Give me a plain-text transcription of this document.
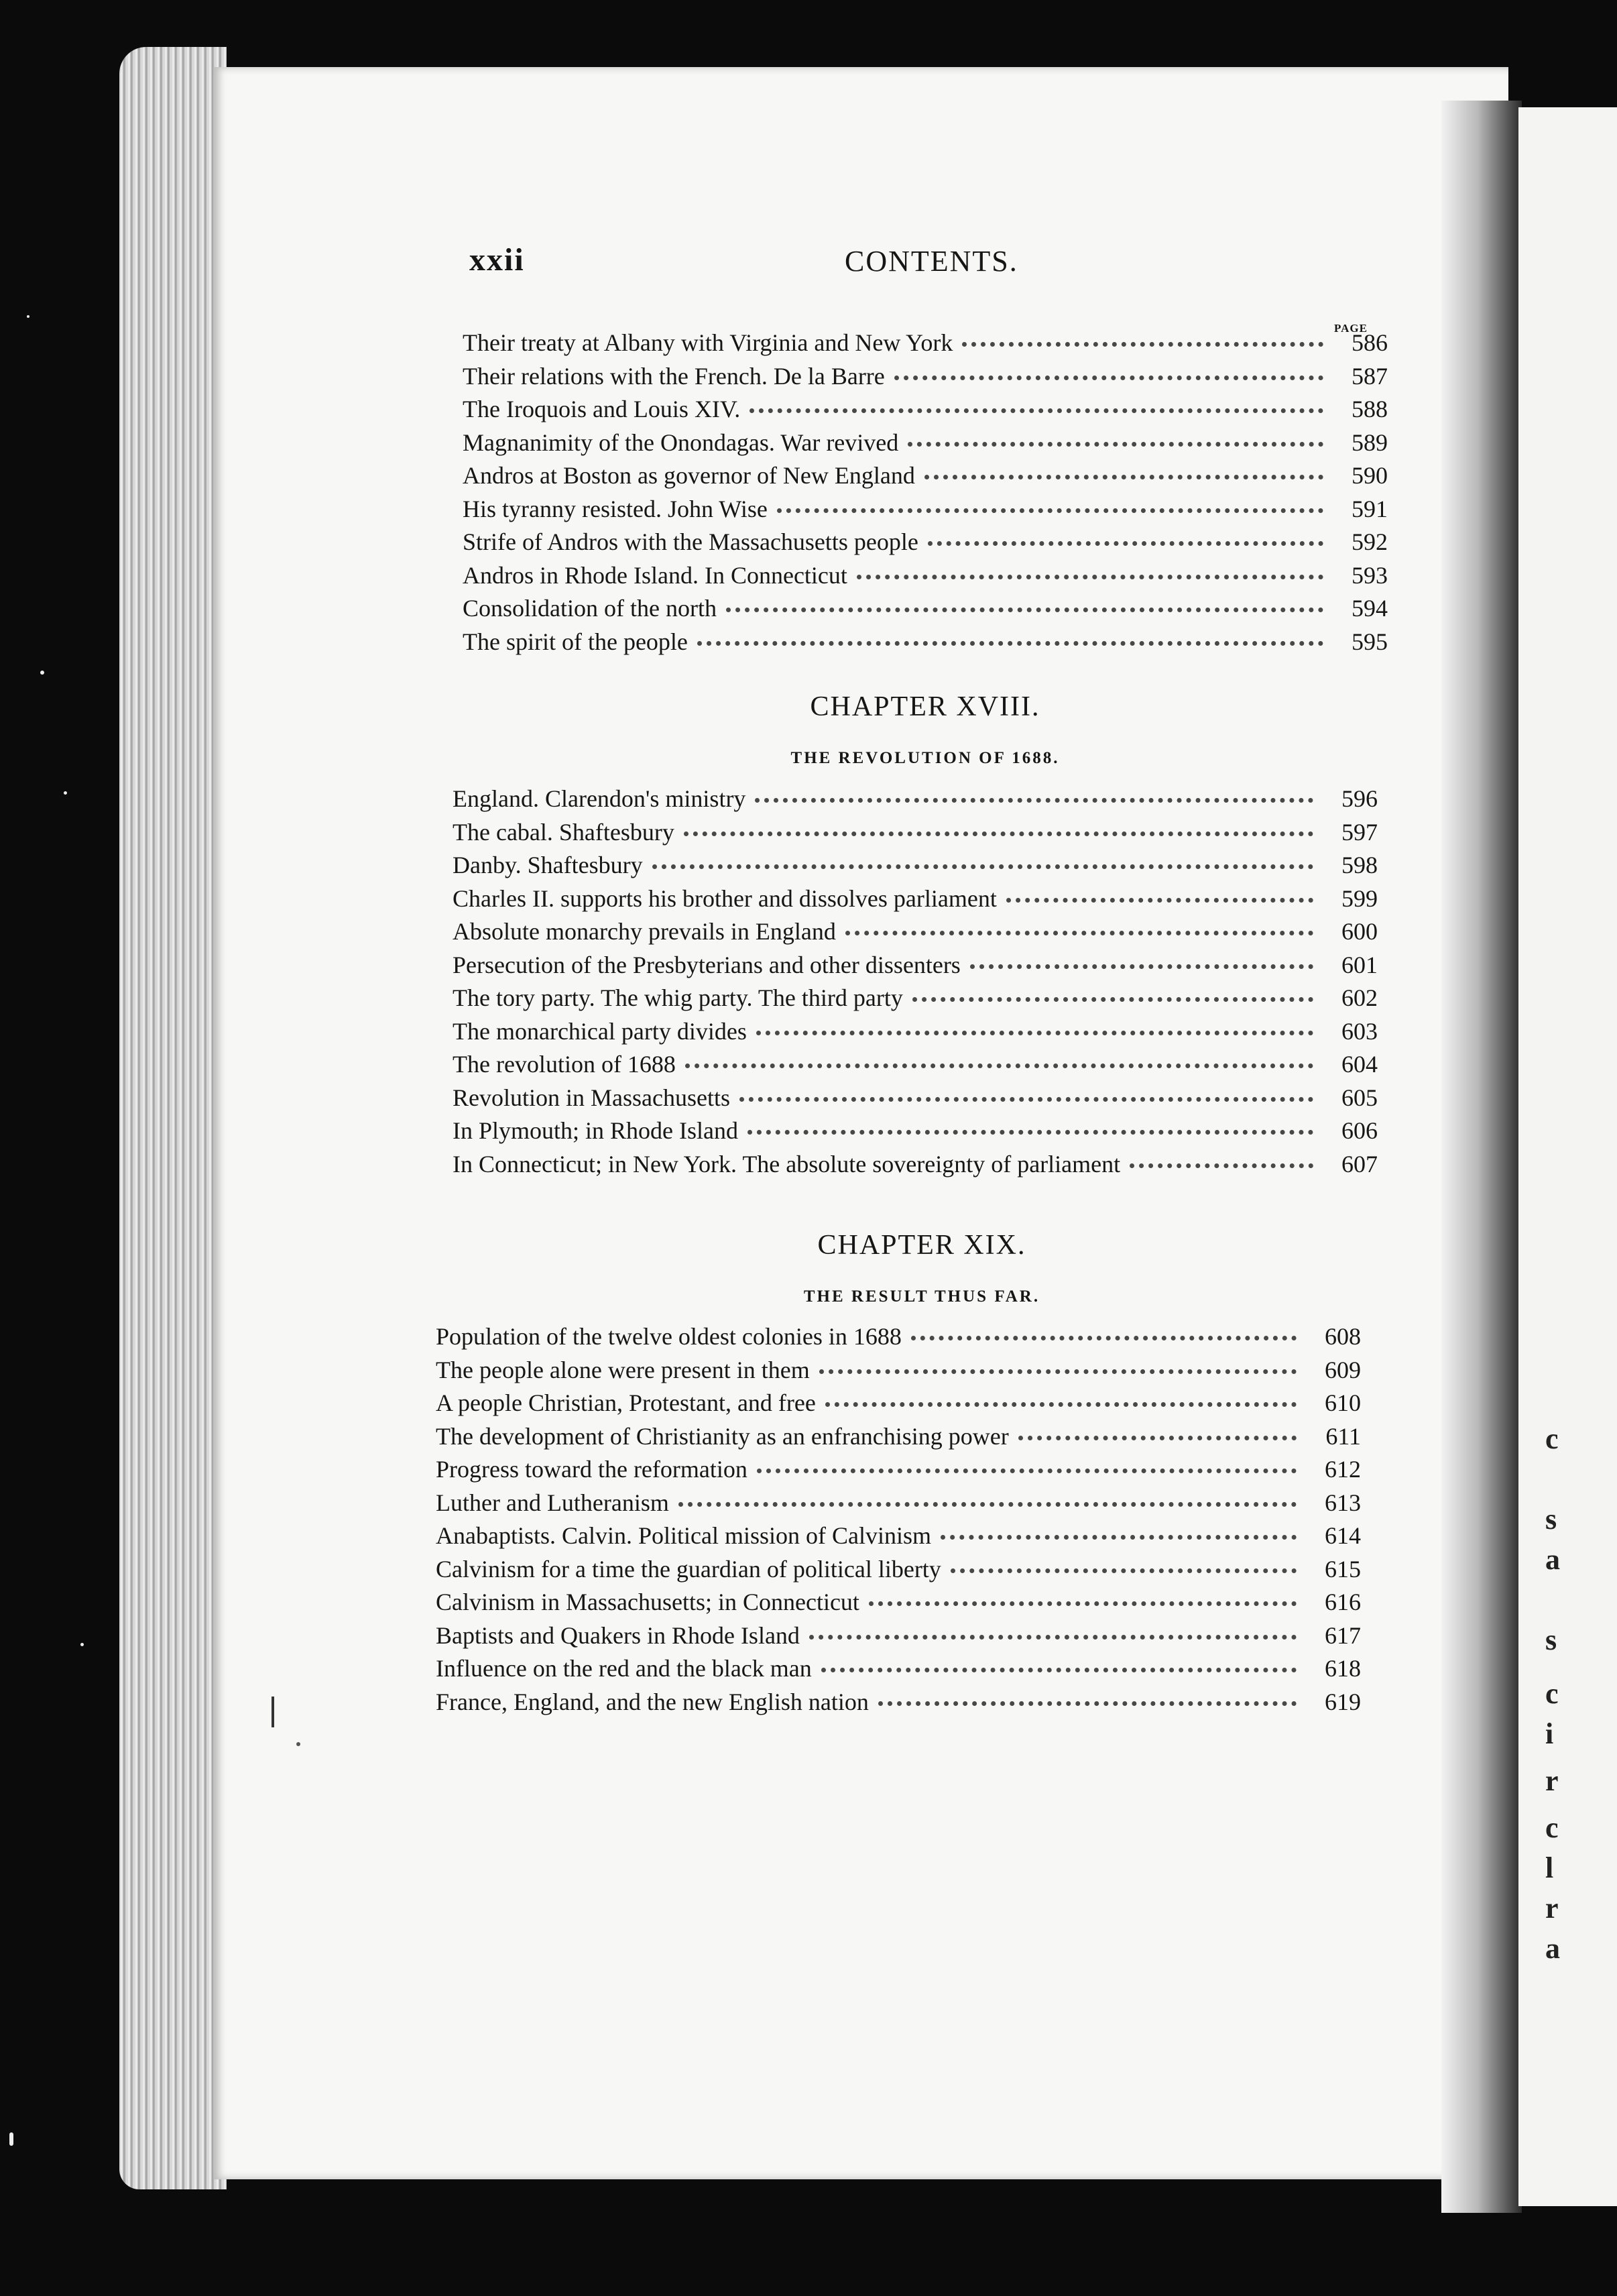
c
s
a
s
c
i
r
c
l
r
a
xxii	CONTENTS.
PAGE
Their treaty at Albany with Virginia and New York	586
Their relations with the French. De la Barre	587
The Iroquois and Louis XIV.	588
Magnanimity of the Onondagas. War revived	589
Andros at Boston as governor of New England	590
His tyranny resisted. John Wise	591
Strife of Andros with the Massachusetts people	592
Andros in Rhode Island. In Connecticut	593
Consolidation of the north	594
The spirit of the people	595
CHAPTER XVIII.
THE REVOLUTION OF 1688.
England. Clarendon's ministry	596
The cabal. Shaftesbury	597
Danby. Shaftesbury	598
Charles II. supports his brother and dissolves parliament	599
Absolute monarchy prevails in England	600
Persecution of the Presbyterians and other dissenters	601
The tory party. The whig party. The third party	602
The monarchical party divides	603
The revolution of 1688	604
Revolution in Massachusetts	605
In Plymouth; in Rhode Island	606
In Connecticut; in New York. The absolute sovereignty of parliament	607
CHAPTER XIX.
THE RESULT THUS FAR.
Population of the twelve oldest colonies in 1688	608
The people alone were present in them	609
A people Christian, Protestant, and free	610
The development of Christianity as an enfranchising power	611
Progress toward the reformation	612
Luther and Lutheranism	613
Anabaptists. Calvin. Political mission of Calvinism	614
Calvinism for a time the guardian of political liberty	615
Calvinism in Massachusetts; in Connecticut	616
Baptists and Quakers in Rhode Island	617
Influence on the red and the black man	618
France, England, and the new English nation	619
